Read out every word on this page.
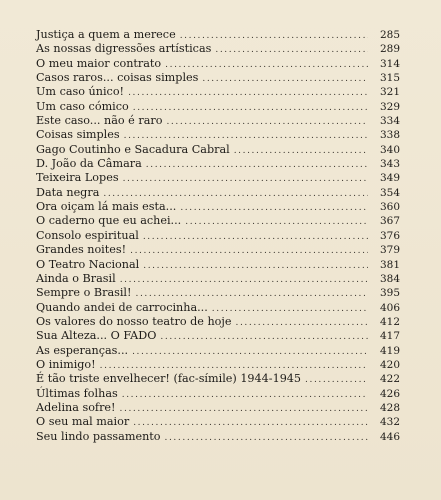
Justiça a quem a merece .....	285
As nossas digressões artísticas .....	289
O meu maior contrato .....	314
Casos raros... coisas simples .....	315
Um caso único! .....	321
Um caso cómico .....	329
Este caso... não é raro .....	334
Coisas simples .....	338
Gago Coutinho e Sacadura Cabral .....	340
D. João da Câmara .....	343
Teixeira Lopes .....	349
Data negra .....	354
Ora oiçam lá mais esta... .....	360
O caderno que eu achei... .....	367
Consolo espiritual .....	376
Grandes noites! .....	379
O Teatro Nacional .....	381
Ainda o Brasil .....	384
Sempre o Brasil! .....	395
Quando andei de carrocinha... .....	406
Os valores do nosso teatro de hoje .....	412
Sua Alteza... O FADO .....	417
As esperanças... .....	419
O inimigo! .....	420
É tão triste envelhecer! (fac-símile) 1944-1945 .....	422
Últimas folhas .....	426
Adelina sofre! .....	428
O seu mal maior .....	432
Seu lindo passamento .....	446
